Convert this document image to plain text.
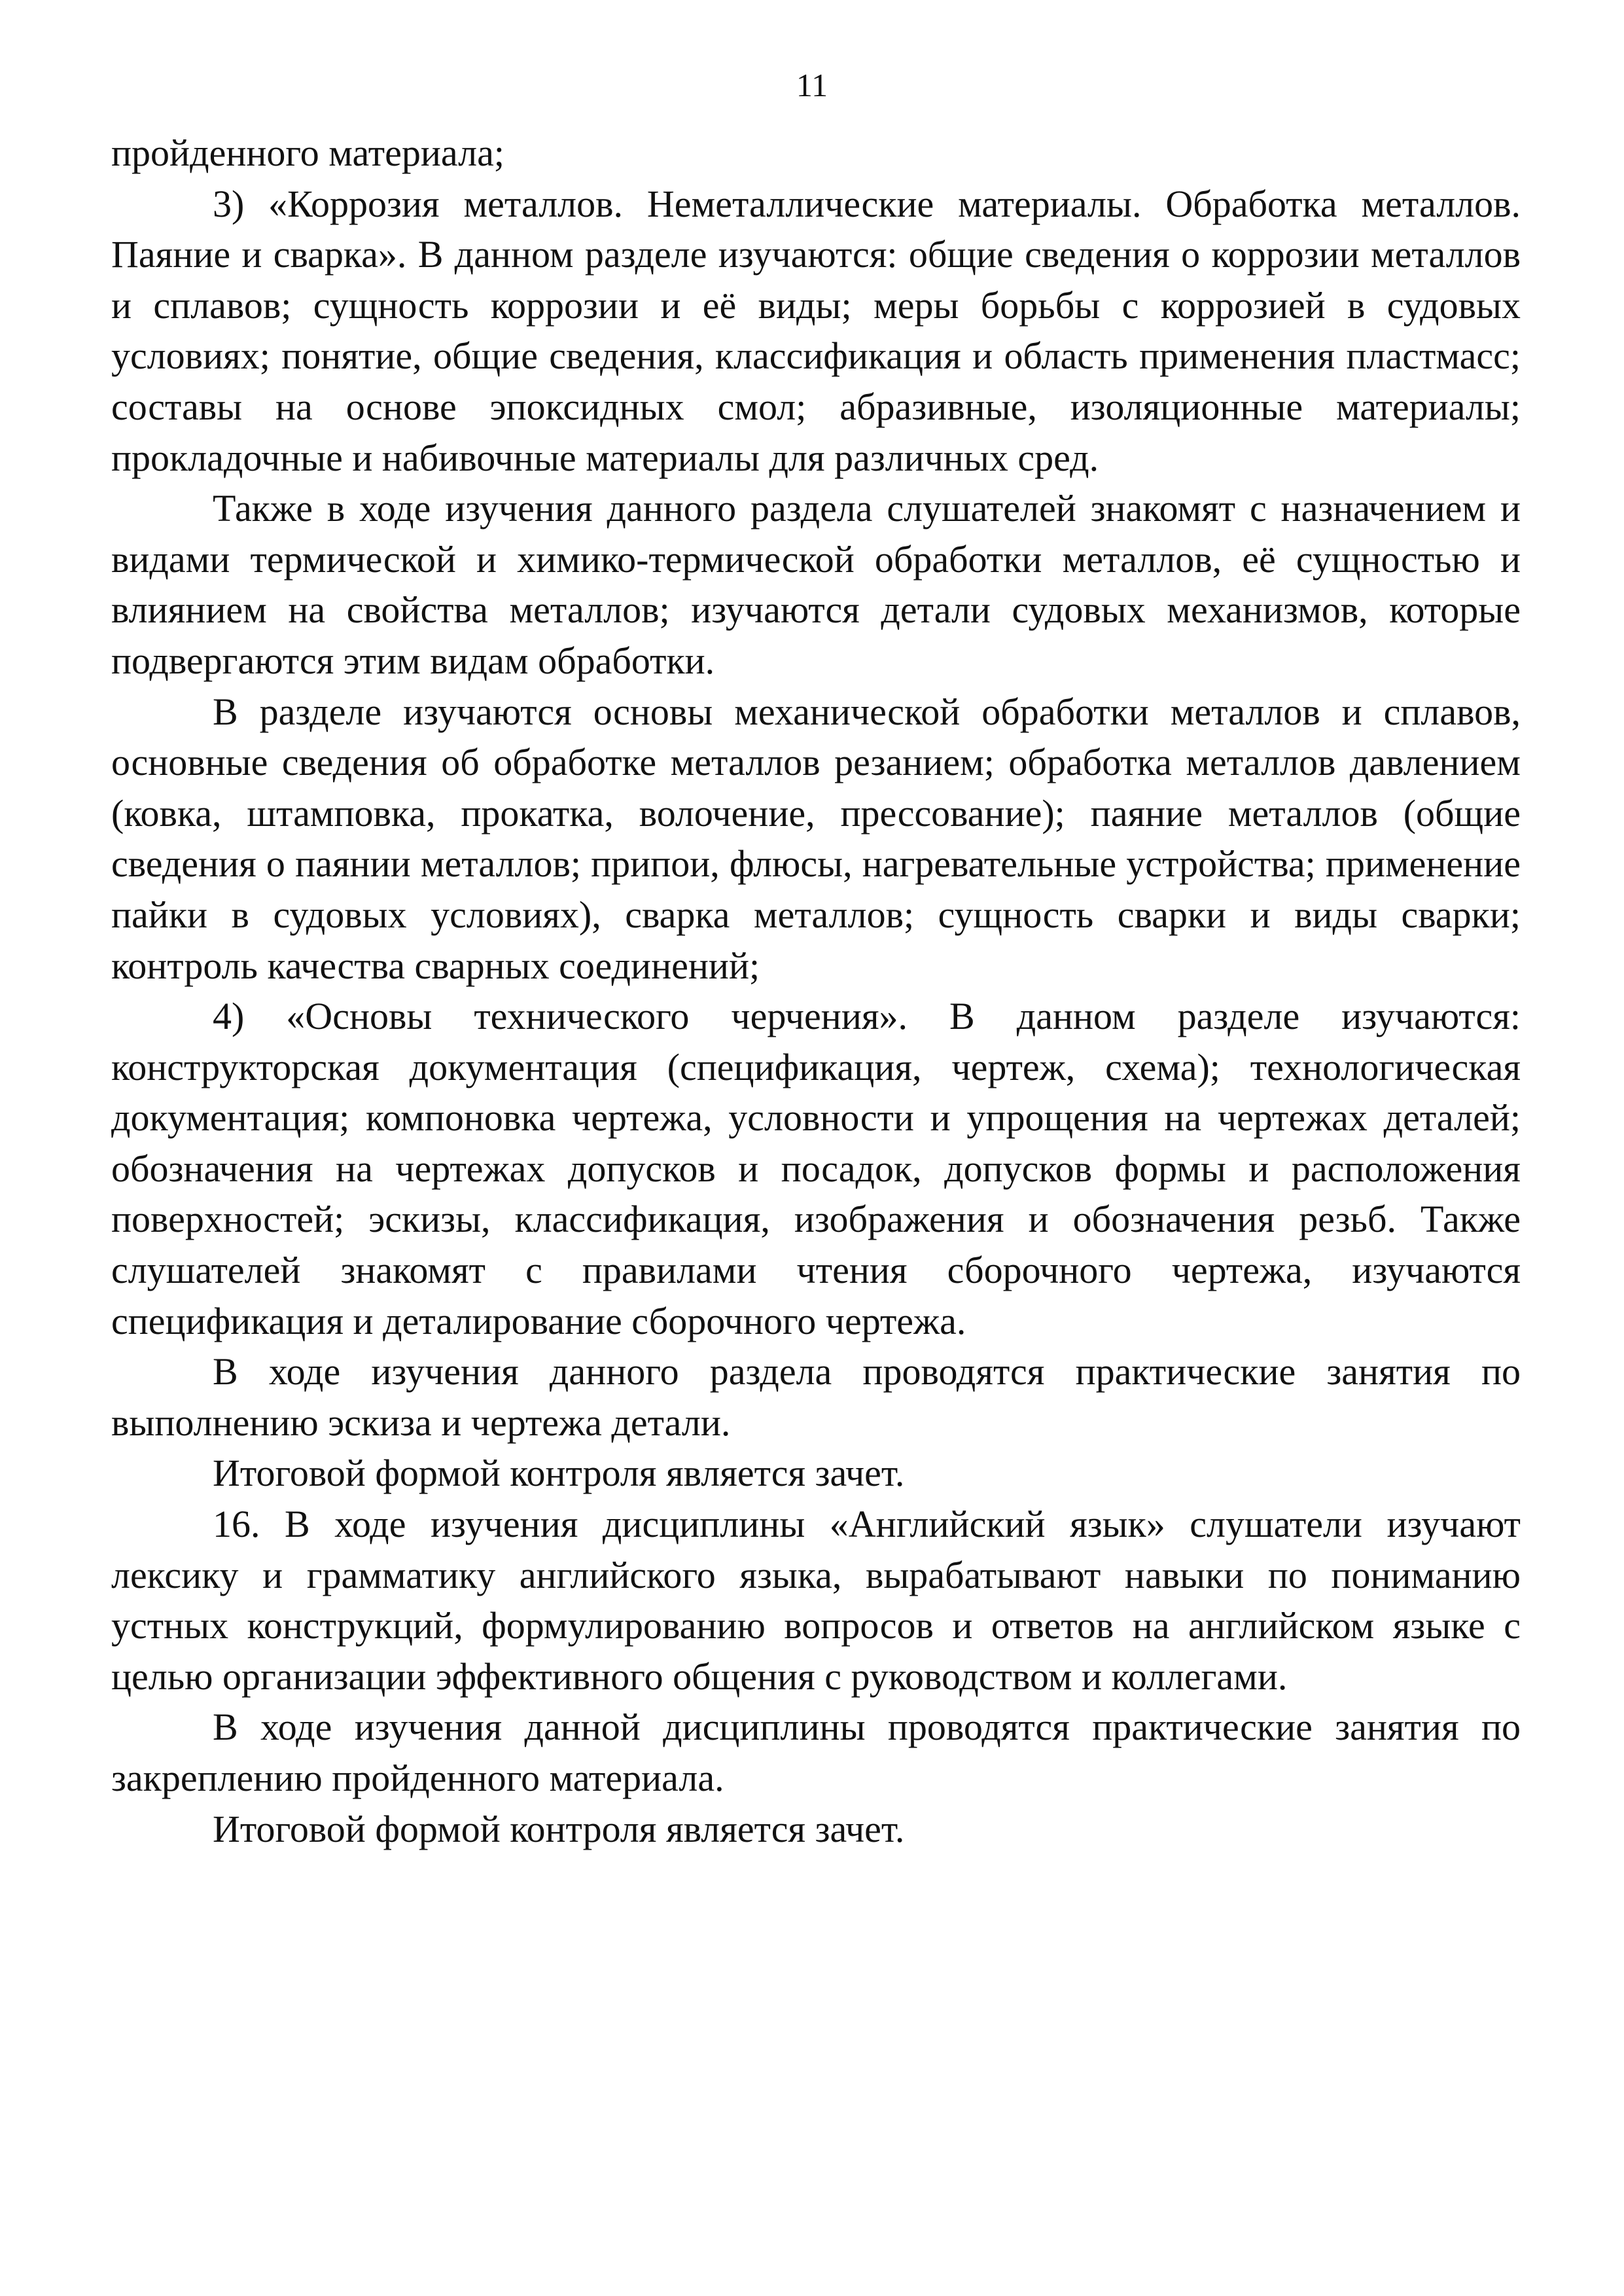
11

пройденного материала;

3) «Коррозия металлов. Неметаллические материалы. Обработка металлов. Паяние и сварка». В данном разделе изучаются: общие сведения о коррозии металлов и сплавов; сущность коррозии и её виды; меры борьбы с коррозией в судовых условиях; понятие, общие сведения, классификация и область применения пластмасс; составы на основе эпоксидных смол; абразивные, изоляционные материалы; прокладочные и набивочные материалы для различных сред.

Также в ходе изучения данного раздела слушателей знакомят с назначением и видами термической и химико-термической обработки металлов, её сущностью и влиянием на свойства металлов; изучаются детали судовых механизмов, которые подвергаются этим видам обработки.

В разделе изучаются основы механической обработки металлов и сплавов, основные сведения об обработке металлов резанием; обработка металлов давлением (ковка, штамповка, прокатка, волочение, прессование); паяние металлов (общие сведения о паянии металлов; припои, флюсы, нагревательные устройства; применение пайки в судовых условиях), сварка металлов; сущность сварки и виды сварки; контроль качества сварных соединений;

4) «Основы технического черчения». В данном разделе изучаются: конструкторская документация (спецификация, чертеж, схема); технологическая документация; компоновка чертежа, условности и упрощения на чертежах деталей; обозначения на чертежах допусков и посадок, допусков формы и расположения поверхностей; эскизы, классификация, изображения и обозначения резьб. Также слушателей знакомят с правилами чтения сборочного чертежа, изучаются спецификация и деталирование сборочного чертежа.

В ходе изучения данного раздела проводятся практические занятия по выполнению эскиза и чертежа детали.

Итоговой формой контроля является зачет.

16. В ходе изучения дисциплины «Английский язык» слушатели изучают лексику и грамматику английского языка, вырабатывают навыки по пониманию устных конструкций, формулированию вопросов и ответов на английском языке с целью организации эффективного общения с руководством и коллегами.

В ходе изучения данной дисциплины проводятся практические занятия по закреплению пройденного материала.

Итоговой формой контроля является зачет.
